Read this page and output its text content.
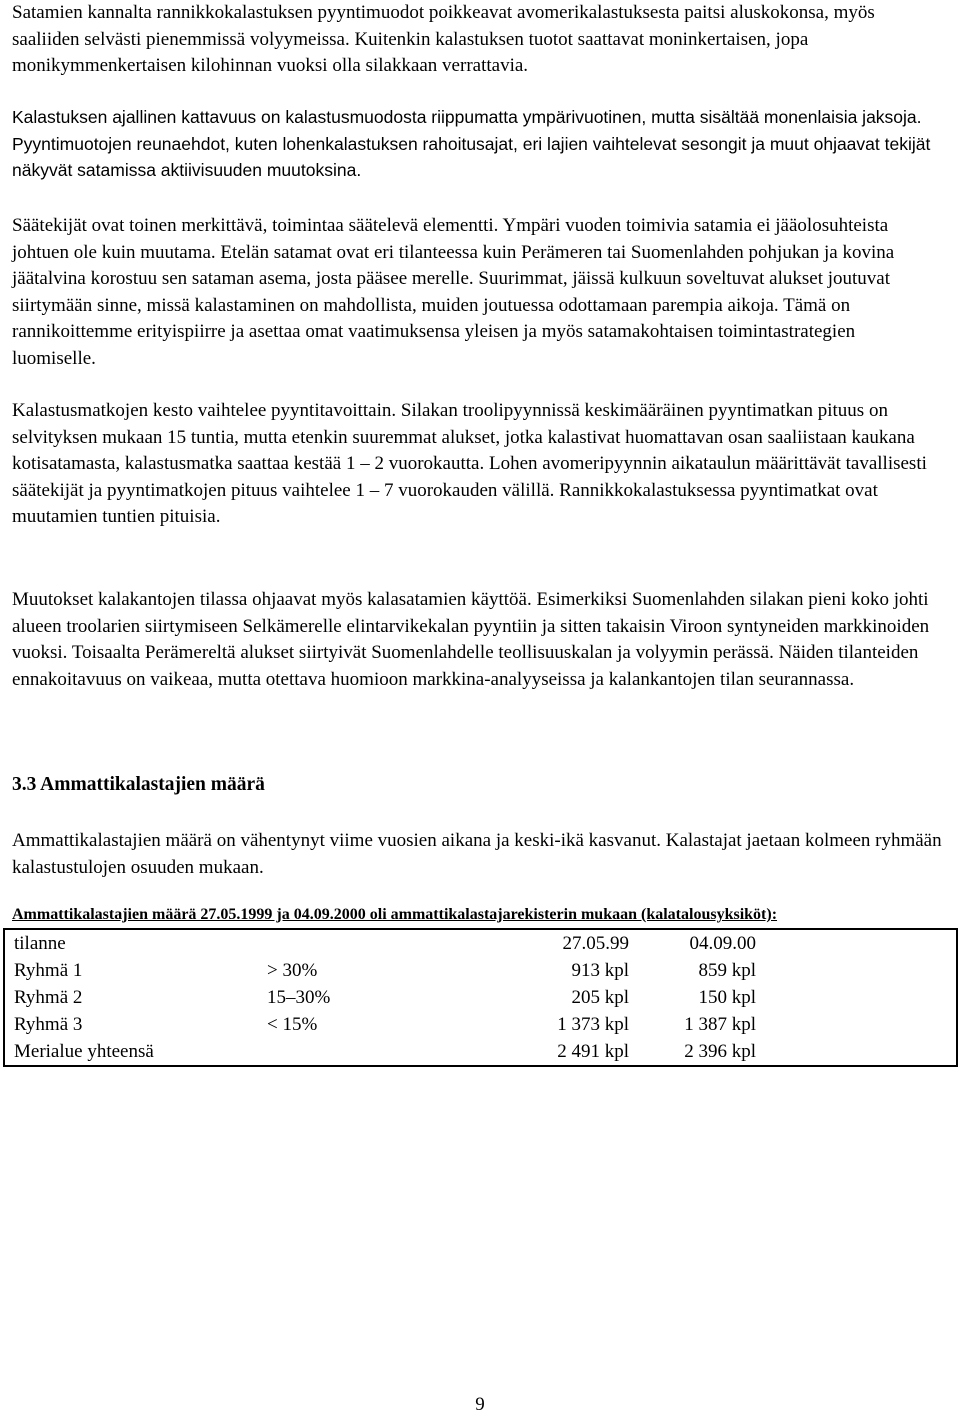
Satamien kannalta rannikkokalastuksen pyyntimuodot poikkeavat avomerikalastuksesta paitsi aluskokonsa, myös saaliiden selvästi pienemmissä volyymeissa. Kuitenkin kalastuksen tuotot saattavat moninkertaisen, jopa monikymmenkertaisen kilohinnan vuoksi olla silakkaan verrattavia.

Kalastuksen ajallinen kattavuus on kalastusmuodosta riippumatta ympärivuotinen, mutta sisältää monenlaisia jaksoja. Pyyntimuotojen reunaehdot, kuten lohenkalastuksen rahoitusajat, eri lajien vaihtelevat sesongit ja muut ohjaavat tekijät näkyvät satamissa aktiivisuuden muutoksina.

Säätekijät ovat toinen merkittävä, toimintaa säätelevä elementti. Ympäri vuoden toimivia satamia ei jääolosuhteista johtuen ole kuin muutama. Etelän satamat ovat eri tilanteessa kuin Perämeren tai Suomenlahden pohjukan ja kovina jäätalvina korostuu sen sataman asema, josta pääsee merelle. Suurimmat, jäissä kulkuun soveltuvat alukset joutuvat siirtymään sinne, missä kalastaminen on mahdollista, muiden joutuessa odottamaan parempia aikoja. Tämä on rannikoittemme erityispiirre ja asettaa omat vaatimuksensa yleisen ja myös satamakohtaisen toimintastrategien luomiselle.

Kalastusmatkojen kesto vaihtelee pyyntitavoittain. Silakan troolipyynnissä keskimääräinen pyyntimatkan pituus on selvityksen mukaan 15 tuntia, mutta etenkin suuremmat alukset, jotka kalastivat huomattavan osan saaliistaan kaukana kotisatamasta, kalastusmatka saattaa kestää 1 – 2 vuorokautta. Lohen avomeripyynnin aikataulun määrittävät tavallisesti säätekijät ja pyyntimatkojen pituus vaihtelee 1 – 7 vuorokauden välillä. Rannikkokalastuksessa pyyntimatkat ovat muutamien tuntien pituisia.

Muutokset kalakantojen tilassa ohjaavat myös kalasatamien käyttöä. Esimerkiksi Suomenlahden silakan pieni koko johti alueen troolarien siirtymiseen Selkämerelle elintarvikekalan pyyntiin ja sitten takaisin Viroon syntyneiden markkinoiden vuoksi. Toisaalta Perämereltä alukset siirtyivät Suomenlahdelle teollisuuskalan ja volyymin perässä. Näiden tilanteiden ennakoitavuus on vaikeaa, mutta otettava huomioon markkina-analyyseissa ja kalankantojen tilan seurannassa.

3.3 Ammattikalastajien määrä

Ammattikalastajien määrä on vähentynyt viime vuosien aikana ja keski-ikä kasvanut. Kalastajat jaetaan kolmeen ryhmään kalastustulojen osuuden mukaan.

Ammattikalastajien määrä 27.05.1999 ja 04.09.2000 oli ammattikalastajarekisterin mukaan (kalatalousyksiköt):
tilanne		27.05.99	04.09.00	
Ryhmä 1	> 30%	913 kpl	859 kpl	
Ryhmä 2	15–30%	205 kpl	150 kpl	
Ryhmä 3	< 15%	1 373 kpl	1 387 kpl	
Merialue yhteensä		2 491 kpl	2 396 kpl	
9
